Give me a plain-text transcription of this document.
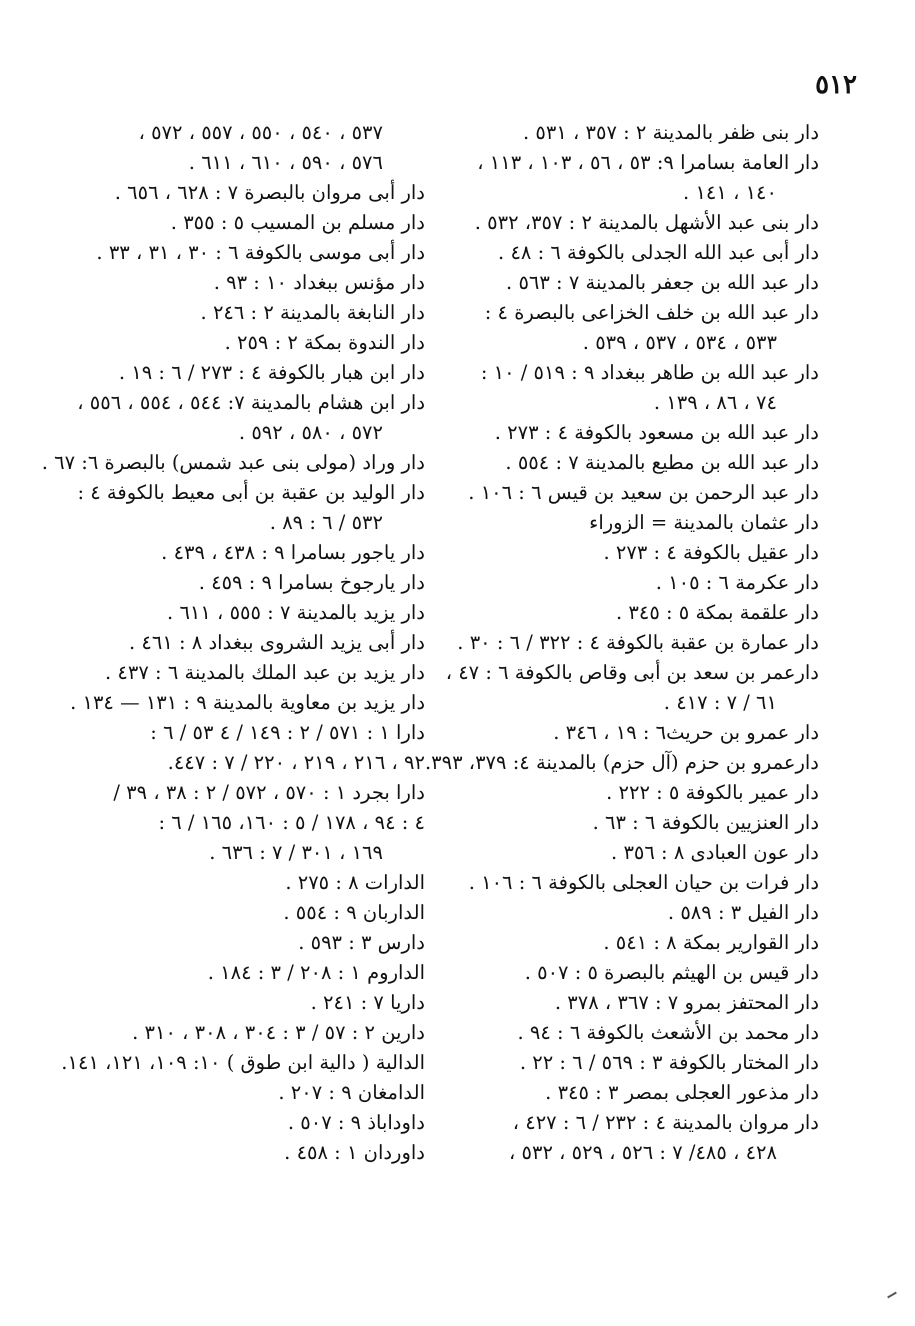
٥١٢
دار بنى ظفر بالمدينة ٢ : ٣٥٧ ، ٥٣١ .
دار العامة بسامرا ٩: ٥٣ ، ٥٦ ، ١٠٣ ، ١١٣ ،
١٤٠ ، ١٤١ .
دار بنى عبد الأشهل بالمدينة ٢ : ٣٥٧، ٥٣٢ .
دار أبى عبد الله الجدلى بالكوفة ٦ : ٤٨ .
دار عبد الله بن جعفر بالمدينة ٧ : ٥٦٣ .
دار عبد الله بن خلف الخزاعى بالبصرة ٤ :
٥٣٣ ، ٥٣٤ ، ٥٣٧ ، ٥٣٩ .
دار عبد الله بن طاهر ببغداد ٩ : ٥١٩ / ١٠ :
٧٤ ، ٨٦ ، ١٣٩ .
دار عبد الله بن مسعود بالكوفة ٤ : ٢٧٣ .
دار عبد الله بن مطيع بالمدينة ٧ : ٥٥٤ .
دار عبد الرحمن بن سعيد بن قيس ٦ : ١٠٦ .
دار عثمان بالمدينة = الزوراء
دار عقيل بالكوفة ٤ : ٢٧٣ .
دار عكرمة ٦ : ١٠٥ .
دار علقمة بمكة ٥ : ٣٤٥ .
دار عمارة بن عقبة بالكوفة ٤ : ٣٢٢ / ٦ : ٣٠ .
دارعمر بن سعد بن أبى وقاص بالكوفة ٦ : ٤٧ ،
٦١ / ٧ : ٤١٧ .
دار عمرو بن حريث٦ : ١٩ ، ٣٤٦ .
دارعمرو بن حزم (آل حزم) بالمدينة ٤: ٣٧٩، ٣٩٣.
دار عمير بالكوفة ٥ : ٢٢٢ .
دار العنزيين بالكوفة ٦ : ٦٣ .
دار عون العبادى ٨ : ٣٥٦ .
دار فرات بن حيان العجلى بالكوفة ٦ : ١٠٦ .
دار الفيل ٣ : ٥٨٩ .
دار القوارير بمكة ٨ : ٥٤١ .
دار قيس بن الهيثم بالبصرة ٥ : ٥٠٧ .
دار المحتفز بمرو ٧ : ٣٦٧ ، ٣٧٨ .
دار محمد بن الأشعث بالكوفة ٦ : ٩٤ .
دار المختار بالكوفة ٣ : ٥٦٩ / ٦ : ٢٢ .
دار مذعور العجلى بمصر ٣ : ٣٤٥ .
دار مروان بالمدينة ٤ : ٢٣٢ / ٦ : ٤٢٧ ،
٤٢٨ ، ٤٨٥/ ٧ : ٥٢٦ ، ٥٢٩ ، ٥٣٢ ،
٥٣٧ ، ٥٤٠ ، ٥٥٠ ، ٥٥٧ ، ٥٧٢ ،
٥٧٦ ، ٥٩٠ ، ٦١٠ ، ٦١١ .
دار أبى مروان بالبصرة ٧ : ٦٢٨ ، ٦٥٦ .
دار مسلم بن المسيب ٥ : ٣٥٥ .
دار أبى موسى بالكوفة ٦ : ٣٠ ، ٣١ ، ٣٣ .
دار مؤنس ببغداد ١٠ : ٩٣ .
دار النابغة بالمدينة ٢ : ٢٤٦ .
دار الندوة بمكة ٢ : ٢٥٩ .
دار ابن هبار بالكوفة ٤ : ٢٧٣ / ٦ : ١٩ .
دار ابن هشام بالمدينة ٧: ٥٤٤ ، ٥٥٤ ، ٥٥٦ ،
٥٧٢ ، ٥٨٠ ، ٥٩٢ .
دار وراد (مولى بنى عبد شمس) بالبصرة ٦: ٦٧ .
دار الوليد بن عقبة بن أبى معيط بالكوفة ٤ :
٥٣٢ / ٦ : ٨٩ .
دار ياجور بسامرا ٩ : ٤٣٨ ، ٤٣٩ .
دار يارجوخ بسامرا ٩ : ٤٥٩ .
دار يزيد بالمدينة ٧ : ٥٥٥ ، ٦١١ .
دار أبى يزيد الشروى ببغداد ٨ : ٤٦١ .
دار يزيد بن عبد الملك بالمدينة ٦ : ٤٣٧ .
دار يزيد بن معاوية بالمدينة ٩ : ١٣١ — ١٣٤ .
دارا ١ : ٥٧١ / ٢ : ١٤٩ / ٤ ٥٣ / ٦ :
٩٢ ، ٢١٦ ، ٢١٩ ، ٢٢٠ / ٧ : ٤٤٧.
دارا بجرد ١ : ٥٧٠ ، ٥٧٢ / ٢ : ٣٨ ، ٣٩ /
٤ : ٩٤ ، ١٧٨ / ٥ : ١٦٠، ١٦٥ / ٦ :
١٦٩ ، ٣٠١ / ٧ : ٦٣٦ .
الدارات ٨ : ٢٧٥ .
الداربان ٩ : ٥٥٤ .
دارس ٣ : ٥٩٣ .
الداروم ١ : ٢٠٨ / ٣ : ١٨٤ .
داريا ٧ : ٢٤١ .
دارين ٢ : ٥٧ / ٣ : ٣٠٤ ، ٣٠٨ ، ٣١٠ .
الدالية ( دالية ابن طوق ) ١٠: ١٠٩، ١٢١، ١٤١.
الدامغان ٩ : ٢٠٧ .
داوداباذ ٩ : ٥٠٧ .
داوردان ١ : ٤٥٨ .
